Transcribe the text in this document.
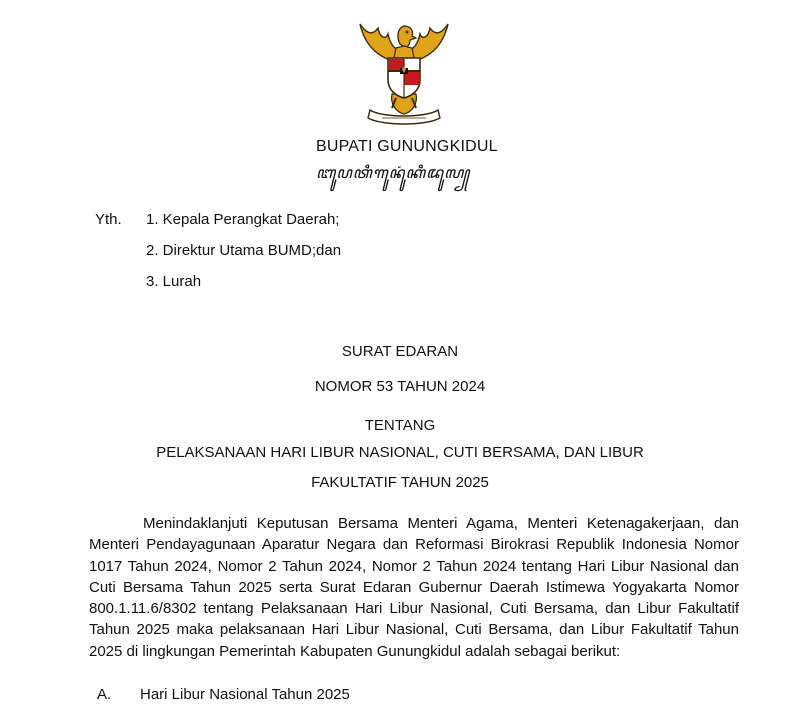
BUPATI GUNUNGKIDUL
ꦧꦸꦥꦠꦶꦒꦸꦤꦸꦁꦏꦶꦢꦸꦭ꧀
Yth. 1. Kepala Perangkat Daerah;
2. Direktur Utama BUMD;dan
3. Lurah
SURAT EDARAN
NOMOR 53 TAHUN 2024
TENTANG
PELAKSANAAN HARI LIBUR NASIONAL, CUTI BERSAMA, DAN LIBUR
FAKULTATIF TAHUN 2025
Menindaklanjuti Keputusan Bersama Menteri Agama, Menteri Ketenagakerjaan, dan Menteri Pendayagunaan Aparatur Negara dan Reformasi Birokrasi Republik Indonesia Nomor 1017 Tahun 2024, Nomor 2 Tahun 2024, Nomor 2 Tahun 2024 tentang Hari Libur Nasional dan Cuti Bersama Tahun 2025 serta Surat Edaran Gubernur Daerah Istimewa Yogyakarta Nomor 800.1.11.6/8302 tentang Pelaksanaan Hari Libur Nasional, Cuti Bersama, dan Libur Fakultatif Tahun 2025 maka pelaksanaan Hari Libur Nasional, Cuti Bersama, dan Libur Fakultatif Tahun 2025 di lingkungan Pemerintah Kabupaten Gunungkidul adalah sebagai berikut:
A. Hari Libur Nasional Tahun 2025
